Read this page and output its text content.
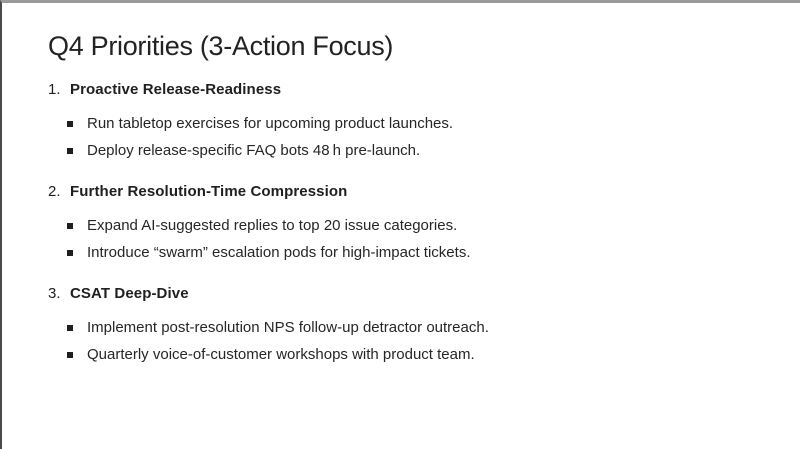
Q4 Priorities (3-Action Focus)
1. Proactive Release-Readiness
Run tabletop exercises for upcoming product launches.
Deploy release-specific FAQ bots 48 h pre-launch.
2. Further Resolution-Time Compression
Expand AI-suggested replies to top 20 issue categories.
Introduce “swarm” escalation pods for high-impact tickets.
3. CSAT Deep-Dive
Implement post-resolution NPS follow-up detractor outreach.
Quarterly voice-of-customer workshops with product team.
